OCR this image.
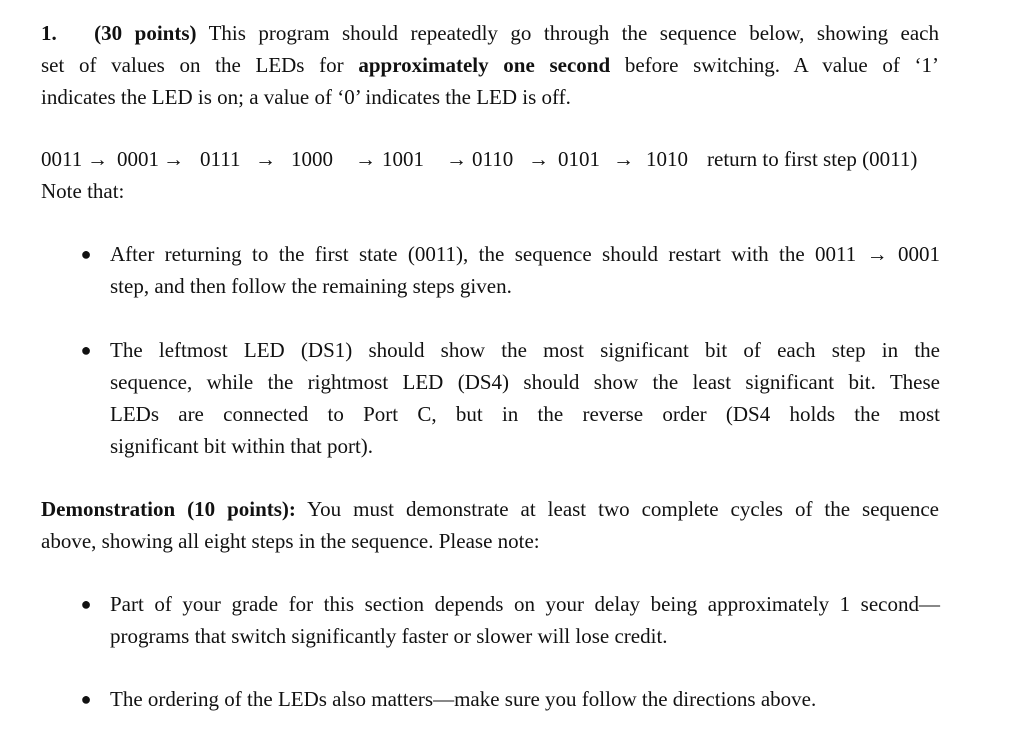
1. (30 points) This program should repeatedly go through the sequence below, showing each
set of values on the LEDs for approximately one second before switching. A value of ‘1’
indicates the LED is on; a value of ‘0’ indicates the LED is off.
0011 → 0001 → 0111 → 1000 → 1001 → 0110 → 0101 → 1010 return to first step (0011)
Note that:
● After returning to the first state (0011), the sequence should restart with the 0011 → 0001
step, and then follow the remaining steps given.
● The leftmost LED (DS1) should show the most significant bit of each step in the
sequence, while the rightmost LED (DS4) should show the least significant bit. These
LEDs are connected to Port C, but in the reverse order (DS4 holds the most
significant bit within that port).
Demonstration (10 points): You must demonstrate at least two complete cycles of the sequence
above, showing all eight steps in the sequence. Please note:
● Part of your grade for this section depends on your delay being approximately 1 second—
programs that switch significantly faster or slower will lose credit.
● The ordering of the LEDs also matters—make sure you follow the directions above.
